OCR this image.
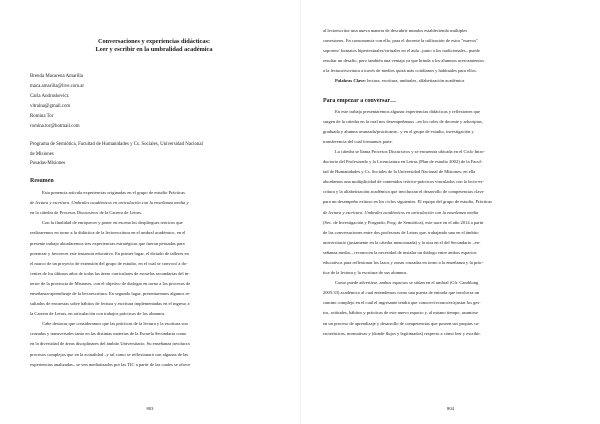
Conversaciones y experiencias didácticas:
Leer y escribir en la umbralidad académica
Brenda Macarena Amarilla
maca.amarilla@live.com.ar
Carla Andruskevicz
vitralna@gmail.com
Romina Tor
romina.tor@hotmail.com
Programa de Semiótica, Facultad de Humanidades y Cs. Sociales, Universidad Nacional
de Misiones
Posadas-Misiones
Resumen

Esta ponencia articula experiencias originadas en el grupo de estudio Prácticas

de lectura y escritura. Umbrales académicos en articulación con la enseñanza media y

en la cátedra de Procesos Discursivos de la Carrera de Letras.

Con la finalidad de enriquecer y poner en escena los despliegues teóricos que

realizaremos en torno a la didáctica de la lectoescritura en el umbral académico, en el

presente trabajo abordaremos tres experiencias estratégicas que fueron pensadas para

potenciar y favorecer este instancia educativa. En primer lugar, el dictado de talleres en

el marco de un proyecto de extensión del grupo de estudio, en el cual se convocó a do-

centes de los últimos años de todas las áreas curriculares de escuelas secundarias del in-

terior de la provincia de Misiones, con el objetivo de dialogar en torno a los procesos de

enseñanza-aprendizaje de la lectoescritura. En segundo lugar, presentaremos algunos re-

sultados de encuestas sobre hábitos de lectura y escritura implementadas en el ingreso a

la Carrera de Letras, en articulación con trabajos prácticos de los alumnos.

Cabe destacar que consideramos que las prácticas de la lectura y la escritura son

cruzadas y transversales tanto en las distintas materias de la Escuela Secundaria como

en la diversidad de áreas disciplinares del ámbito Universitario. Su enseñanza involucra

procesos complejos que en la actualidad –y tal como se reflexionará con algunas de las

experiencias analizadas– se ven mediatizados por las TIC a partir de las cuales se ofrece

803

al lectoescritor una nueva manera de descubrir mundos estableciendo múltiples

conexiones. En consonancia con ello, para el docente la utilización de estos "nuevos"

soportes/ formatos hipertextuales/virtuales en el aula –junto a los tradicionales– puede

resultar un desafío, pero también una ventaja ya que brinda a los alumnos acercamientos

a la lectura/escritura a través de medios quizá más cotidianos y habituales para ellos.

Palabras Clave: lectura, escritura, umbrales, alfabetización académica

Para empezar a conversar…

En este trabajo presentaremos algunas experiencias didácticas y reflexiones que

surgen de la cátedra en la cual nos desempeñamos –en los roles de docente y adscriptas,

graduada y alumna avanzada/practicante– y en el grupo de estudio, investigación y

transferencia del cual formamos parte.

La cátedra se llama Procesos Discursivos y se encuentra ubicada en el Ciclo Intro-

ductorio del Profesorado y la Licenciatura en Letras (Plan de estudio 2002) de la Facul-

tad de Humanidades y Cs. Sociales de la Universidad Nacional de Misiones; en ella

abordamos una multiplicidad de contenidos teórico-prácticos vinculados con la lecto-es-

critura y la alfabetización académica que involucran el desarrollo de competencias clave

para un desempeño exitoso en los ciclos siguientes. El equipo del grupo de estudio, Prácticas

de lectura y escritura. Umbrales académicos en articulación con la enseñanza media

(Sec. de Investigación y Posgrado, Prog. de Semiótica), este nace en el año 2014 a partir

de las conversaciones entre dos profesoras de Letras que, trabajando una en el ámbito

universitario (justamente en la cátedra mencionada) y la otra en el del Secundario –en-

señanza media–, reconocen la necesidad de instalar un diálogo entre ambos espacios

educativos para reflexionar los lazos y zonas cruzadas en torno a la enseñanza y la prác-

tica de la lectura y la escritura de sus alumnos.

Como puede advertirse, ambos espacios se sitúan en el umbral (Cfr. Camblong

2005:33) académico al cual entendemos como una puerta de entrada que involucra un

camino complejo en el cual el ingresante tendrá que conocer/reconocer/ajustar los ges-

tos, actitudes, hábitos y prácticas de este nuevo espacio y, al mismo tiempo, asumirse

en un proceso de aprendizaje y desarrollo de competencias que poseen sus propias ca-

racterísticas, normativas y (donde flujos y legitimados) respecto a cómo leer y escribir.

804
